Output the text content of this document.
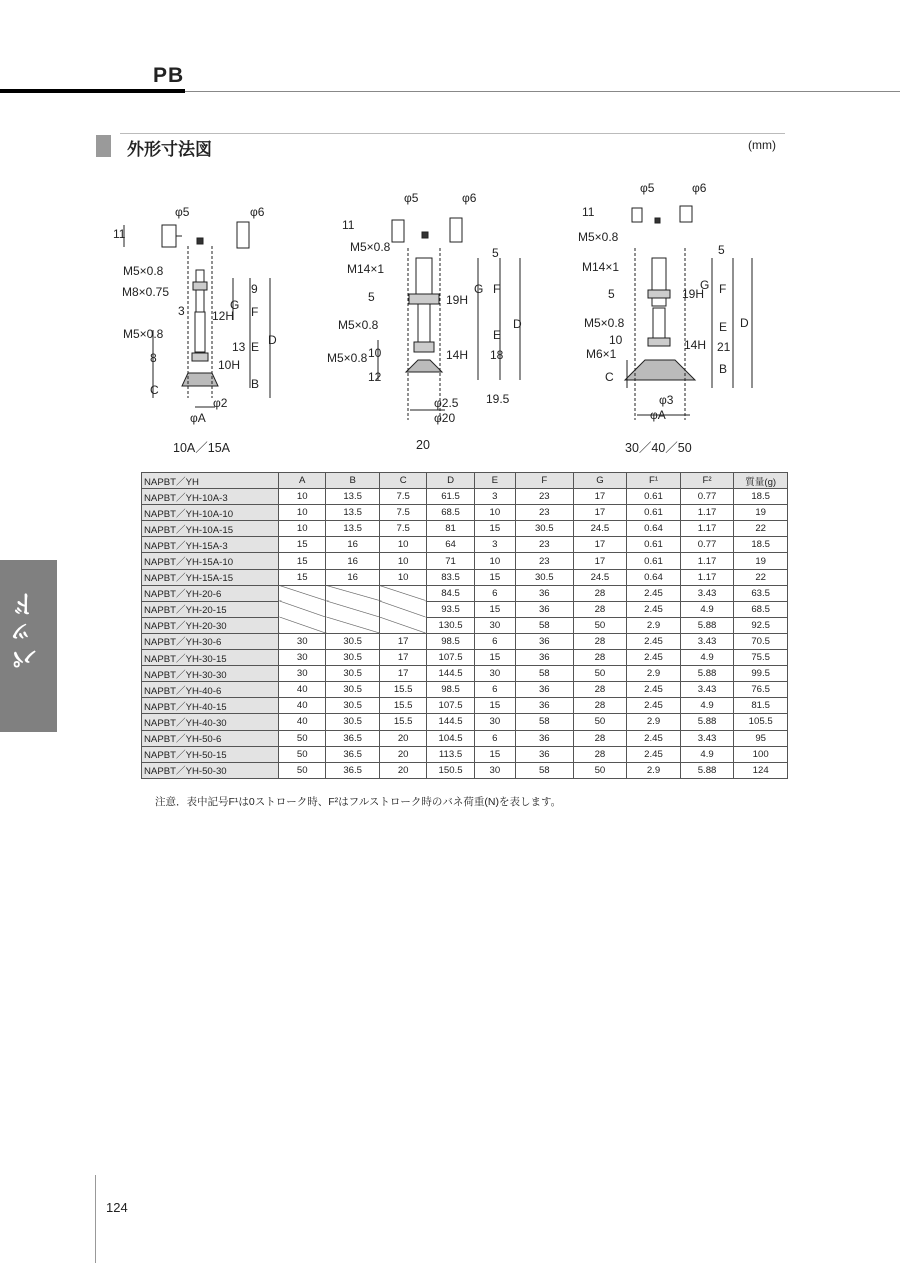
PB
外形寸法図	(mm)
φ5	φ6
11
M5×0.8
M8×0.75
3 12H
M5×0.8
8	10H
C
φ2
φA
9
G F
13 E D
B
10A／15A
φ5	φ6
11
M5×0.8
M14×1
5	19H
M5×0.8
10
M5×0.8	14H
12
φ2.5
φ20
5
G F
E
D
18
19.5
20
φ5	φ6
11
M5×0.8
M14×1
5	19H
M5×0.8
10	14H
M6×1
C
φ3
φA
5
G F
E D
21
B
30／40／50
NAPBT／YH	A	B	C	D	E	F	G	F¹	F²	質量(g)
NAPBT／YH-10A-3	10	13.5	7.5	61.5	3	23	17	0.61	0.77	18.5
NAPBT／YH-10A-10	10	13.5	7.5	68.5	10	23	17	0.61	1.17	19
NAPBT／YH-10A-15	10	13.5	7.5	81	15	30.5	24.5	0.64	1.17	22
NAPBT／YH-15A-3	15	16	10	64	3	23	17	0.61	0.77	18.5
NAPBT／YH-15A-10	15	16	10	71	10	23	17	0.61	1.17	19
NAPBT／YH-15A-15	15	16	10	83.5	15	30.5	24.5	0.64	1.17	22
NAPBT／YH-20-6				84.5	6	36	28	2.45	3.43	63.5
NAPBT／YH-20-15				93.5	15	36	28	2.45	4.9	68.5
NAPBT／YH-20-30				130.5	30	58	50	2.9	5.88	92.5
NAPBT／YH-30-6	30	30.5	17	98.5	6	36	28	2.45	3.43	70.5
NAPBT／YH-30-15	30	30.5	17	107.5	15	36	28	2.45	4.9	75.5
NAPBT／YH-30-30	30	30.5	17	144.5	30	58	50	2.9	5.88	99.5
NAPBT／YH-40-6	40	30.5	15.5	98.5	6	36	28	2.45	3.43	76.5
NAPBT／YH-40-15	40	30.5	15.5	107.5	15	36	28	2.45	4.9	81.5
NAPBT／YH-40-30	40	30.5	15.5	144.5	30	58	50	2.9	5.88	105.5
NAPBT／YH-50-6	50	36.5	20	104.5	6	36	28	2.45	3.43	95
NAPBT／YH-50-15	50	36.5	20	113.5	15	36	28	2.45	4.9	100
NAPBT／YH-50-30	50	36.5	20	150.5	30	58	50	2.9	5.88	124
注意．表中記号F¹は0ストローク時、F²はフルストローク時のバネ荷重(N)を表します。
パッド
124
